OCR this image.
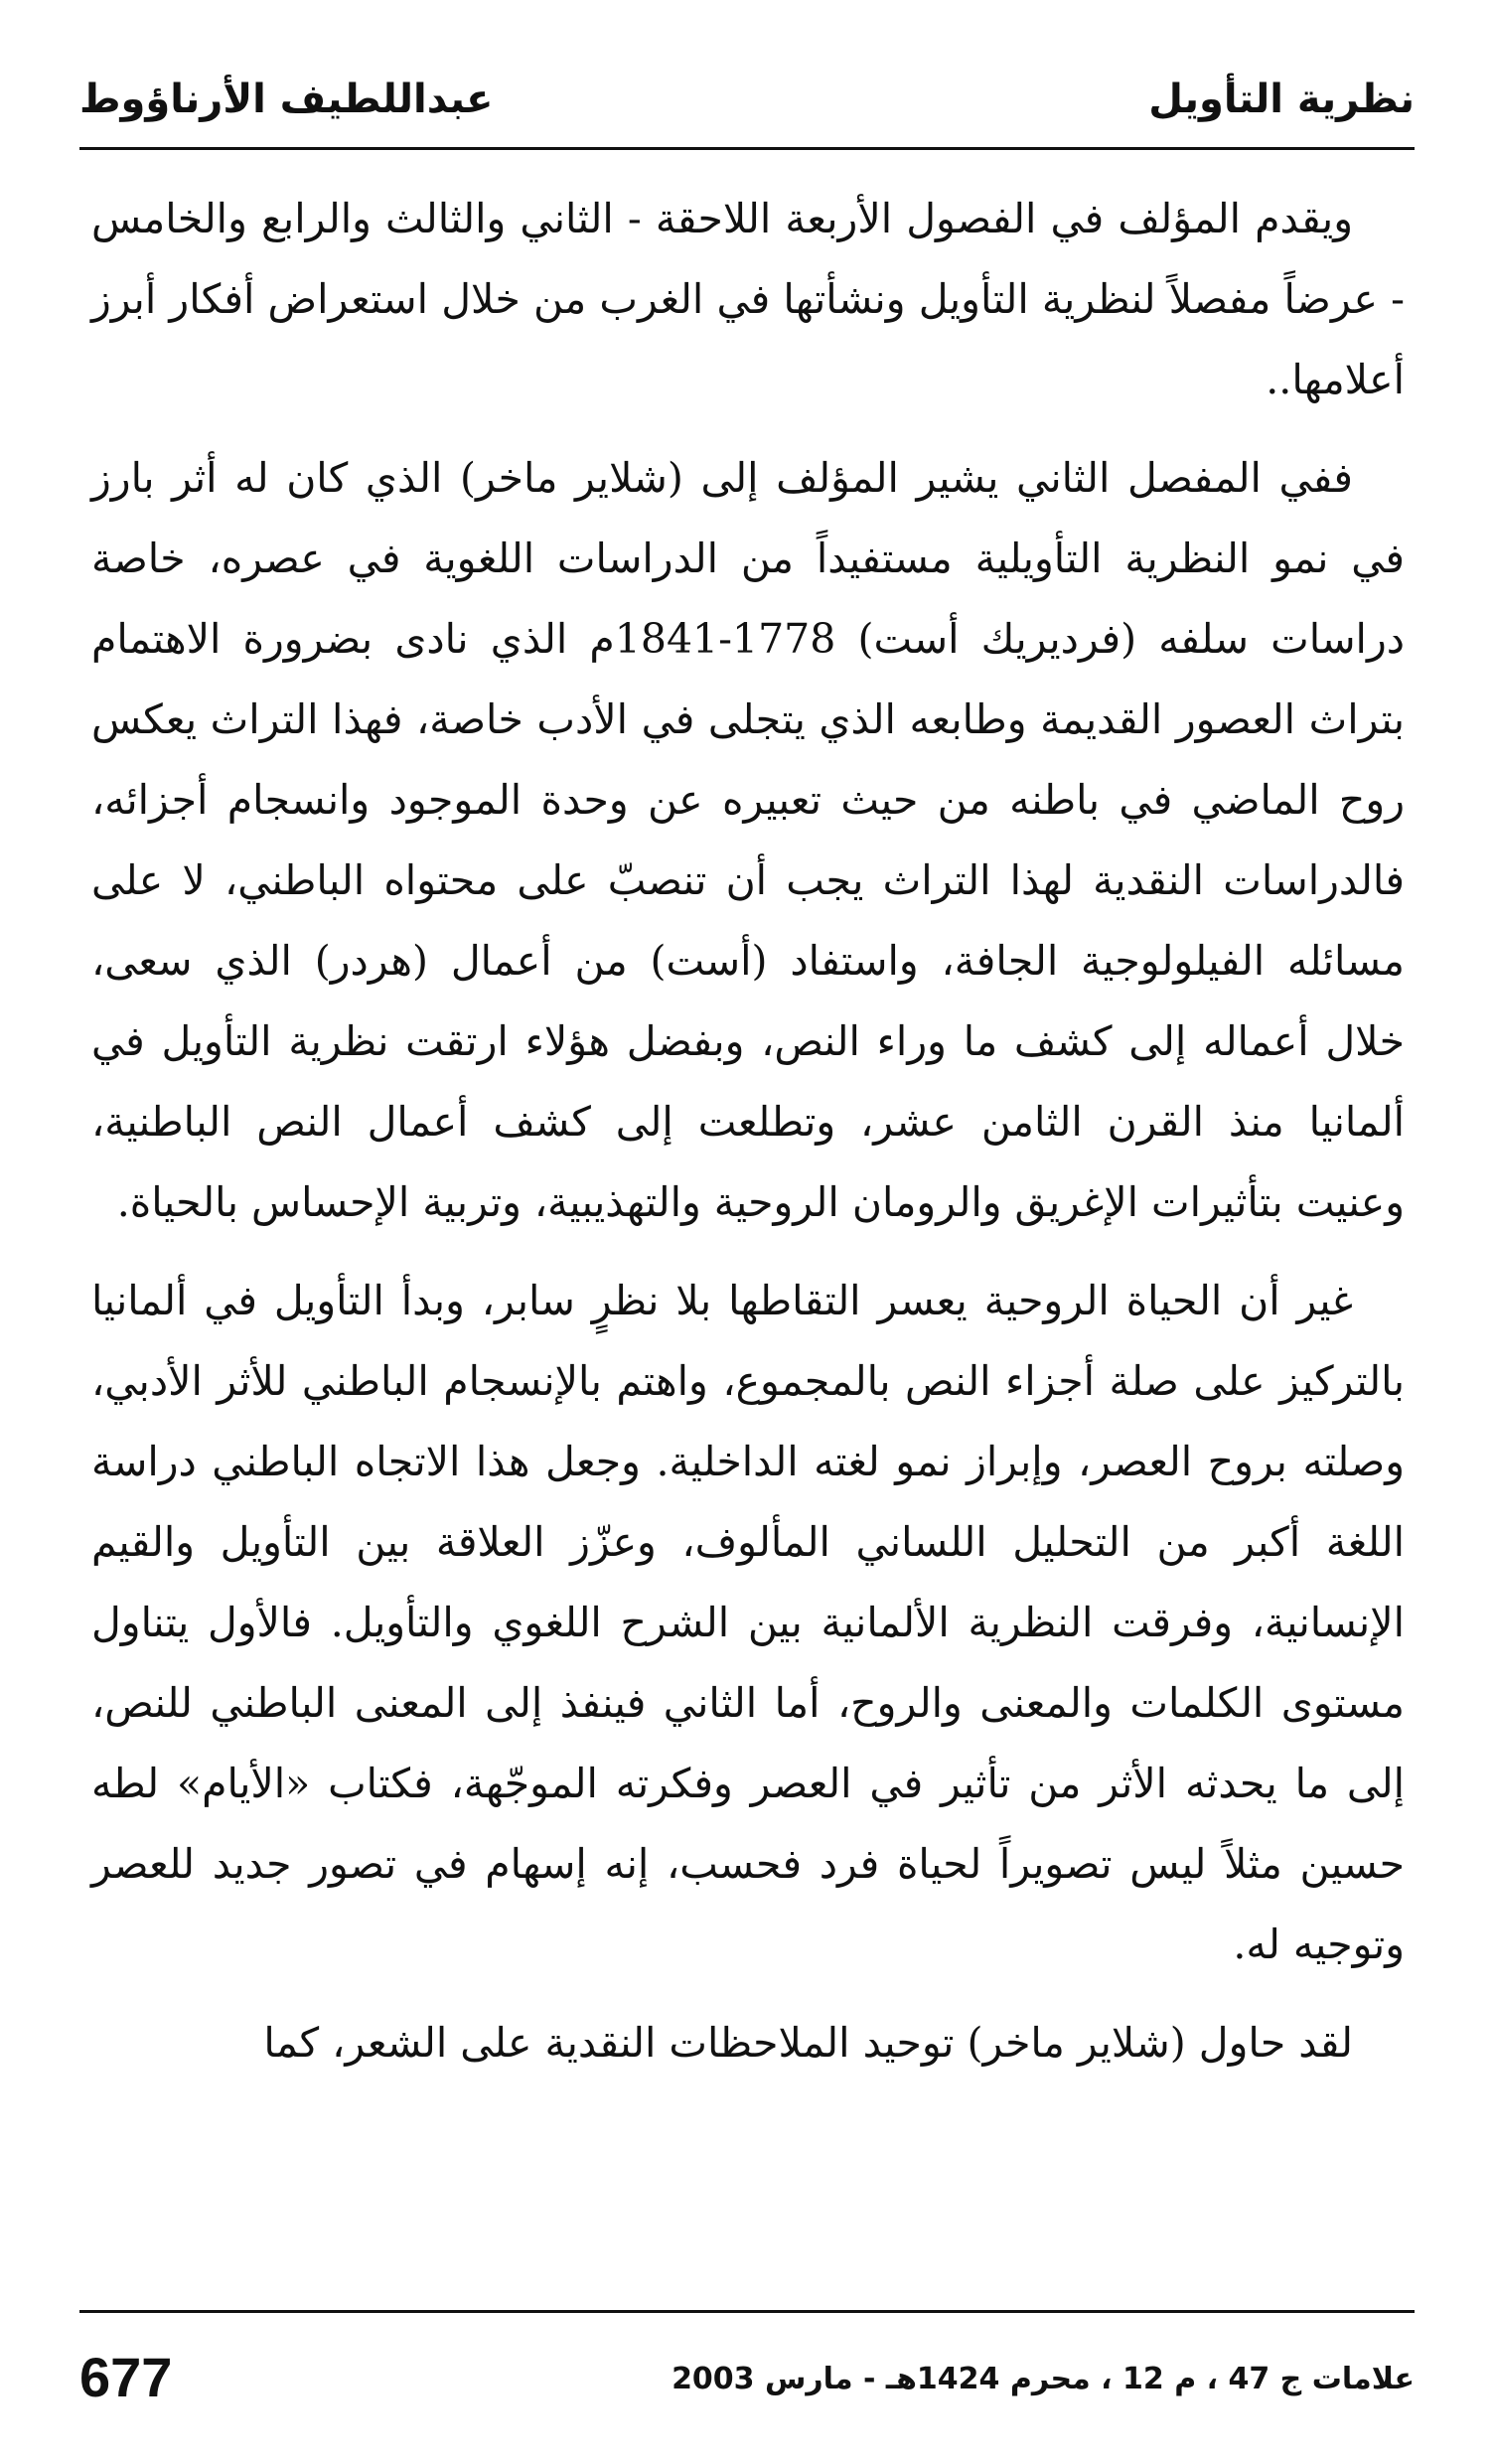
نظرية التأويل
عبداللطيف الأرناؤوط

ويقدم المؤلف في الفصول الأربعة اللاحقة - الثاني والثالث والرابع والخامس - عرضاً مفصلاً لنظرية التأويل ونشأتها في الغرب من خلال استعراض أفكار أبرز أعلامها..

ففي المفصل الثاني يشير المؤلف إلى (شلاير ماخر) الذي كان له أثر بارز في نمو النظرية التأويلية مستفيداً من الدراسات اللغوية في عصره، خاصة دراسات سلفه (فرديريك أست) 1778-1841م الذي نادى بضرورة الاهتمام بتراث العصور القديمة وطابعه الذي يتجلى في الأدب خاصة، فهذا التراث يعكس روح الماضي في باطنه من حيث تعبيره عن وحدة الموجود وانسجام أجزائه، فالدراسات النقدية لهذا التراث يجب أن تنصبّ على محتواه الباطني، لا على مسائله الفيلولوجية الجافة، واستفاد (أست) من أعمال (هردر) الذي سعى، خلال أعماله إلى كشف ما وراء النص، وبفضل هؤلاء ارتقت نظرية التأويل في ألمانيا منذ القرن الثامن عشر، وتطلعت إلى كشف أعمال النص الباطنية، وعنيت بتأثيرات الإغريق والرومان الروحية والتهذيبية، وتربية الإحساس بالحياة.

غير أن الحياة الروحية يعسر التقاطها بلا نظرٍ سابر، وبدأ التأويل في ألمانيا بالتركيز على صلة أجزاء النص بالمجموع، واهتم بالإنسجام الباطني للأثر الأدبي، وصلته بروح العصر، وإبراز نمو لغته الداخلية. وجعل هذا الاتجاه الباطني دراسة اللغة أكبر من التحليل اللساني المألوف، وعزّز العلاقة بين التأويل والقيم الإنسانية، وفرقت النظرية الألمانية بين الشرح اللغوي والتأويل. فالأول يتناول مستوى الكلمات والمعنى والروح، أما الثاني فينفذ إلى المعنى الباطني للنص، إلى ما يحدثه الأثر من تأثير في العصر وفكرته الموجّهة، فكتاب «الأيام» لطه حسين مثلاً ليس تصويراً لحياة فرد فحسب، إنه إسهام في تصور جديد للعصر وتوجيه له.

لقد حاول (شلاير ماخر) توحيد الملاحظات النقدية على الشعر، كما

علامات ج 47 ، م 12 ، محرم 1424هـ - مارس 2003
677
